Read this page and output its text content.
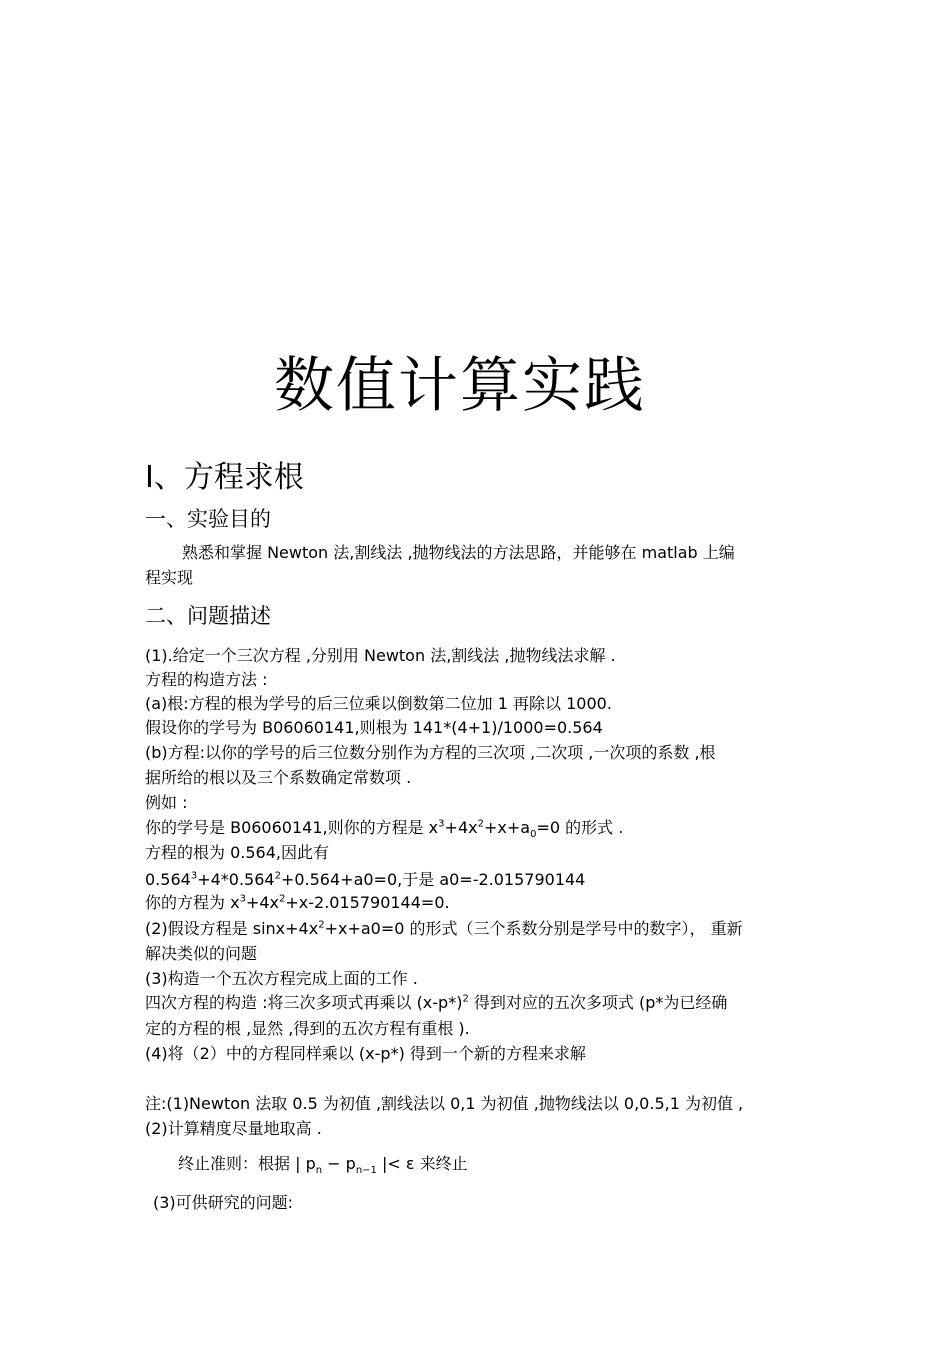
数值计算实践
I、方程求根
一、实验目的
熟悉和掌握 Newton 法,割线法 ,抛物线法的方法思路，并能够在 matlab 上编
程实现
二、问题描述
(1).给定一个三次方程 ,分别用 Newton 法,割线法 ,抛物线法求解 .
方程的构造方法 :
(a)根:方程的根为学号的后三位乘以倒数第二位加 1 再除以 1000.
假设你的学号为 B06060141,则根为 141*(4+1)/1000=0.564
(b)方程:以你的学号的后三位数分别作为方程的三次项 ,二次项 ,一次项的系数 ,根
据所给的根以及三个系数确定常数项 .
例如 :
你的学号是 B06060141,则你的方程是 $x^3+4x^2+x+a_0=0$ 的形式 .
方程的根为 0.564,因此有
$0.564^3+4*0.564^2+0.564+a0=0$,于是 a0=-2.015790144
你的方程为 $x^3+4x^2+x-2.015790144=0$.
(2)假设方程是 $\sin x+4x^2+x+a0=0$ 的形式（三个系数分别是学号中的数字）， 重新
解决类似的问题
(3)构造一个五次方程完成上面的工作 .
四次方程的构造 :将三次多项式再乘以 $(x-p*)^2$ 得到对应的五次多项式 (p*为已经确
定的方程的根 ,显然 ,得到的五次方程有重根 ).
(4)将（2）中的方程同样乘以 (x-p*) 得到一个新的方程来求解
注:(1)Newton 法取 0.5 为初值 ,割线法以 0,1 为初值 ,抛物线法以 0,0.5,1 为初值 ,
(2)计算精度尽量地取高 .
终止准则：根据 | $p_n - p_{n-1}$ |< ε 来终止
(3)可供研究的问题:
